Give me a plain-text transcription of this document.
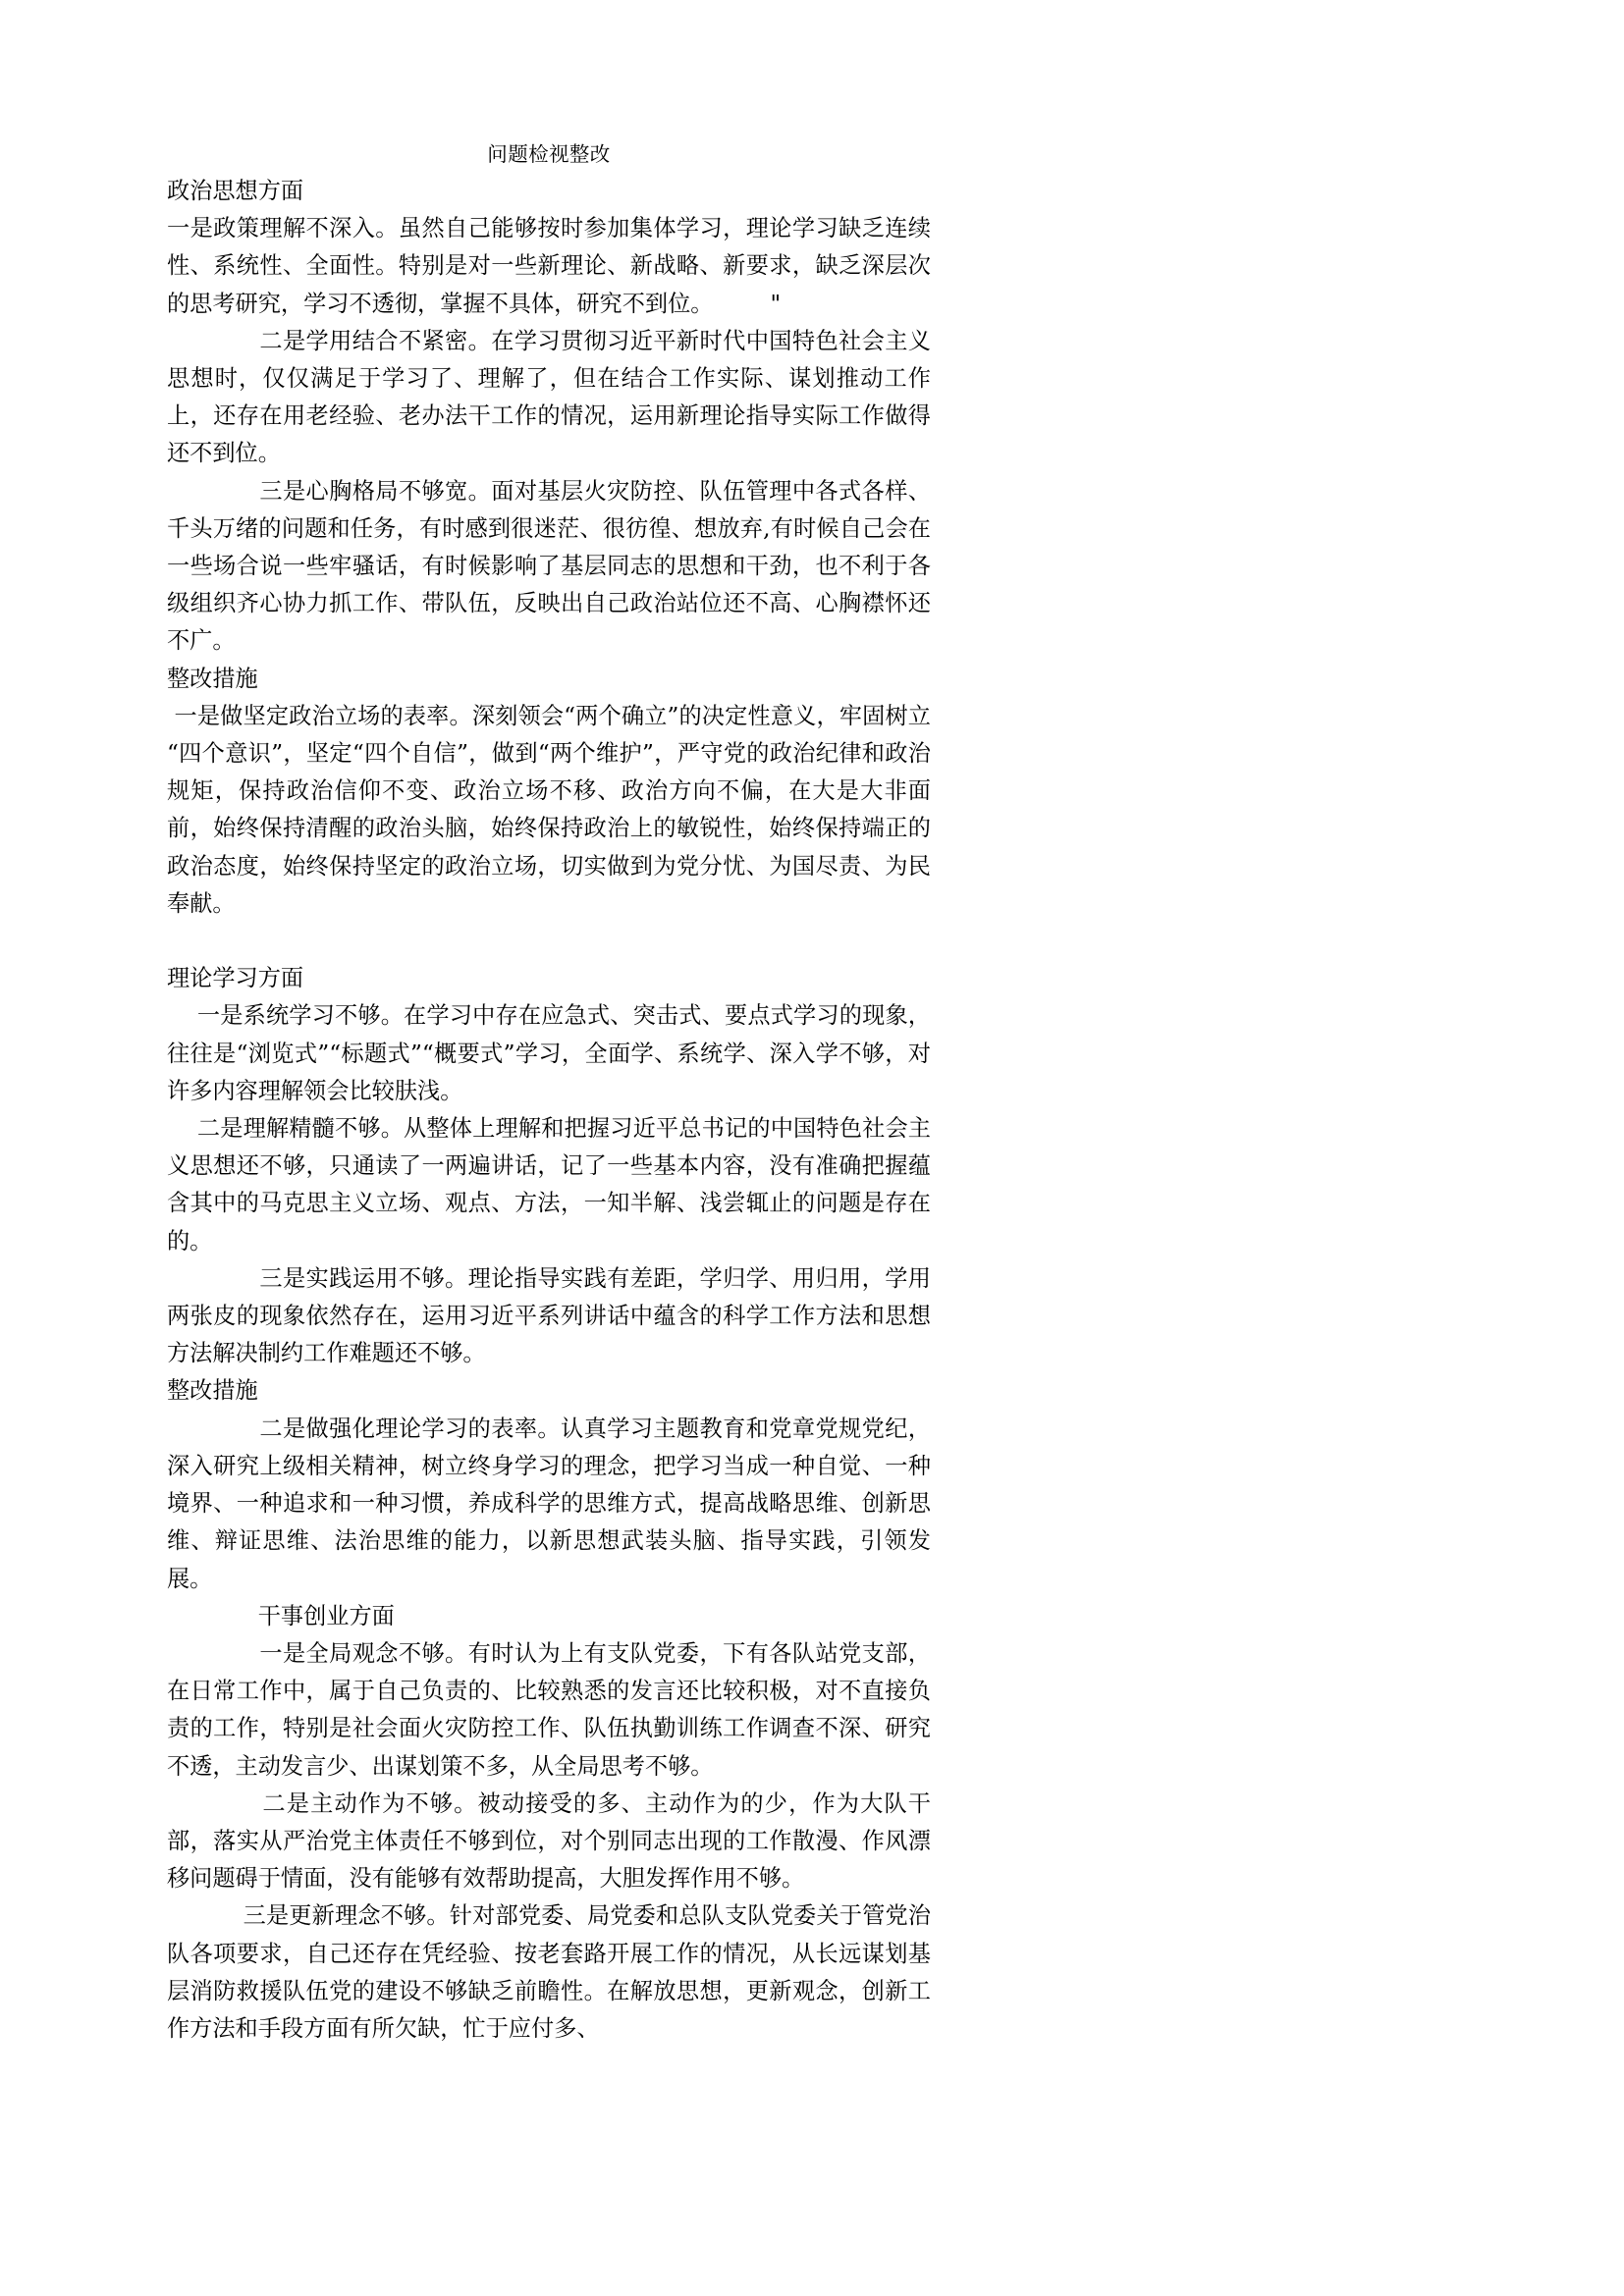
问题检视整改
政治思想方面
一是政策理解不深入。虽然自己能够按时参加集体学习，理论学习缺乏连续性、系统性、全面性。特别是对一些新理论、新战略、新要求，缺乏深层次的思考研究，学习不透彻，掌握不具体，研究不到位。　　　"
　　　　二是学用结合不紧密。在学习贯彻习近平新时代中国特色社会主义思想时，仅仅满足于学习了、理解了，但在结合工作实际、谋划推动工作上，还存在用老经验、老办法干工作的情况，运用新理论指导实际工作做得还不到位。
　　　　三是心胸格局不够宽。面对基层火灾防控、队伍管理中各式各样、千头万绪的问题和任务，有时感到很迷茫、很彷徨、想放弃,有时候自己会在一些场合说一些牢骚话，有时候影响了基层同志的思想和干劲，也不利于各级组织齐心协力抓工作、带队伍，反映出自己政治站位还不高、心胸襟怀还不广。
整改措施
一是做坚定政治立场的表率。深刻领会“两个确立”的决定性意义，牢固树立“四个意识”，坚定“四个自信”，做到“两个维护”，严守党的政治纪律和政治规矩，保持政治信仰不变、政治立场不移、政治方向不偏，在大是大非面前，始终保持清醒的政治头脑，始终保持政治上的敏锐性，始终保持端正的政治态度，始终保持坚定的政治立场，切实做到为党分忧、为国尽责、为民奉献。
理论学习方面
　 一是系统学习不够。在学习中存在应急式、突击式、要点式学习的现象，往往是“浏览式”“标题式”“概要式”学习，全面学、系统学、深入学不够，对许多内容理解领会比较肤浅。
　 二是理解精髓不够。从整体上理解和把握习近平总书记的中国特色社会主义思想还不够，只通读了一两遍讲话，记了一些基本内容，没有准确把握蕴含其中的马克思主义立场、观点、方法，一知半解、浅尝辄止的问题是存在的。
　　　　三是实践运用不够。理论指导实践有差距，学归学、用归用，学用两张皮的现象依然存在，运用习近平系列讲话中蕴含的科学工作方法和思想方法解决制约工作难题还不够。
整改措施
　　　　二是做强化理论学习的表率。认真学习主题教育和党章党规党纪，深入研究上级相关精神，树立终身学习的理念，把学习当成一种自觉、一种境界、一种追求和一种习惯，养成科学的思维方式，提高战略思维、创新思维、辩证思维、法治思维的能力，以新思想武装头脑、指导实践，引领发展。
　　　　干事创业方面
　　　　一是全局观念不够。有时认为上有支队党委，下有各队站党支部，在日常工作中，属于自己负责的、比较熟悉的发言还比较积极，对不直接负责的工作，特别是社会面火灾防控工作、队伍执勤训练工作调查不深、研究不透，主动发言少、出谋划策不多，从全局思考不够。
　　　　二是主动作为不够。被动接受的多、主动作为的少，作为大队干部，落实从严治党主体责任不够到位，对个别同志出现的工作散漫、作风漂移问题碍于情面，没有能够有效帮助提高，大胆发挥作用不够。
　　　 三是更新理念不够。针对部党委、局党委和总队支队党委关于管党治队各项要求，自己还存在凭经验、按老套路开展工作的情况，从长远谋划基层消防救援队伍党的建设不够缺乏前瞻性。在解放思想，更新观念，创新工作方法和手段方面有所欠缺，忙于应付多、
